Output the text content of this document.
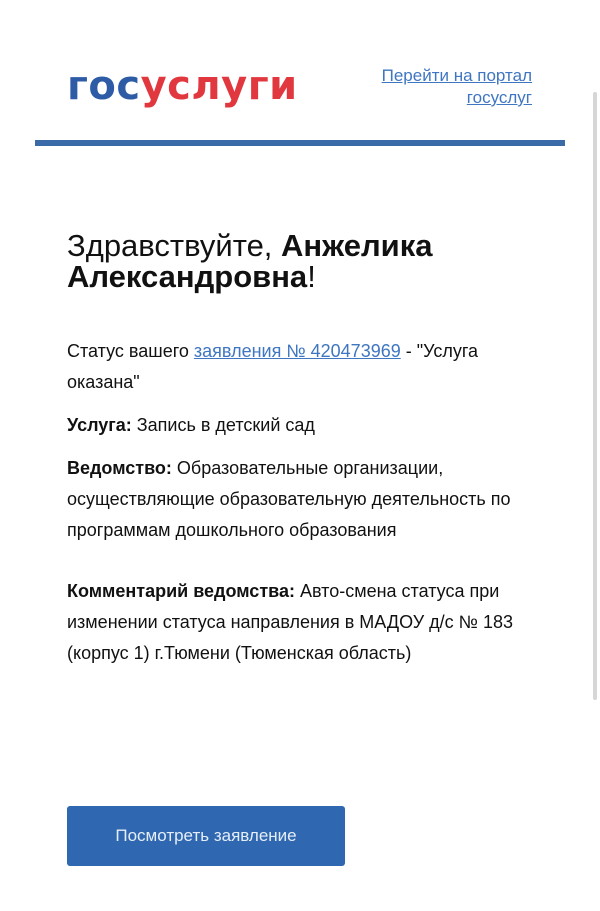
госуслуги	Перейти на портал
госуслуг
Здравствуйте, Анжелика Александровна!

Статус вашего заявления № 420473969 - "Услуга оказана"

Услуга: Запись в детский сад

Ведомство: Образовательные организации, осуществляющие образовательную деятельность по программам дошкольного образования

Комментарий ведомства: Авто-смена статуса при изменении статуса направления в МАДОУ д/с № 183 (корпус 1) г.Тюмени (Тюменская область)

Посмотреть заявление
